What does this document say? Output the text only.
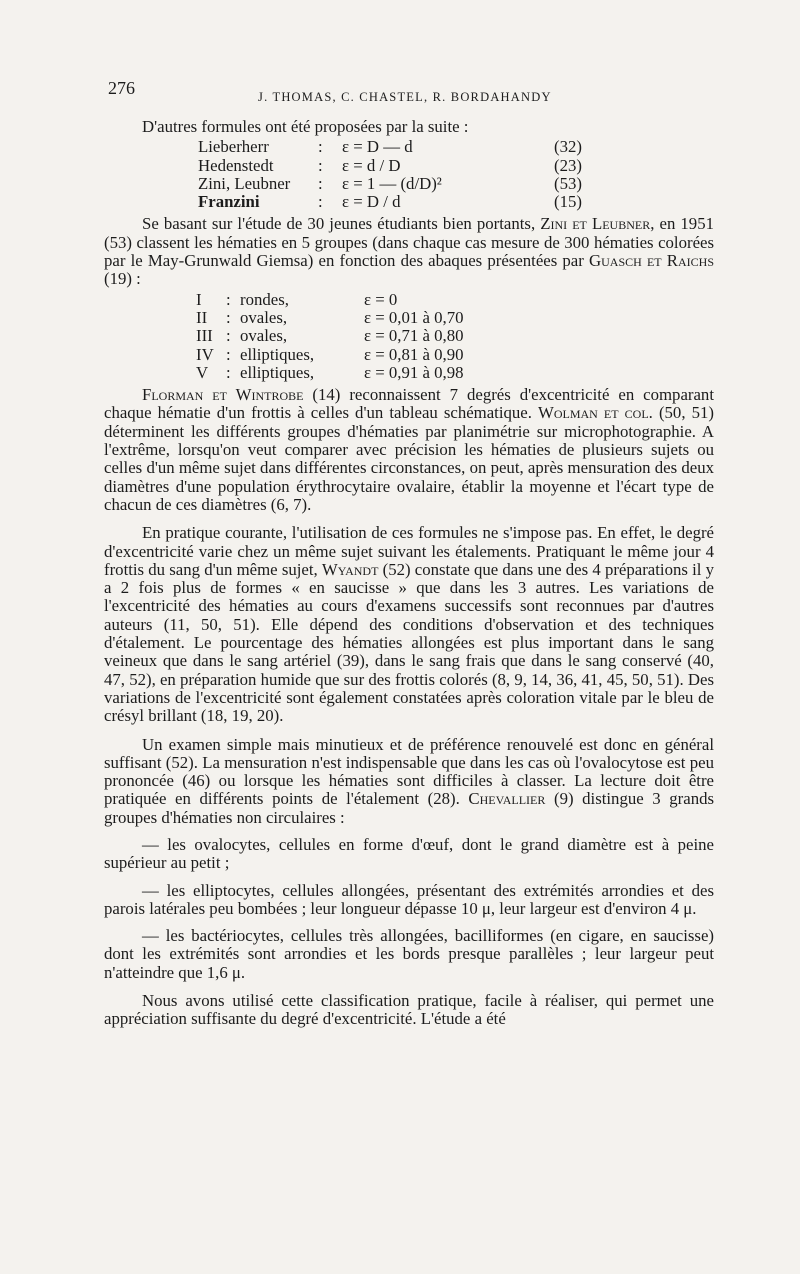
276	J. THOMAS, C. CHASTEL, R. BORDAHANDY

D'autres formules ont été proposées par la suite :

Lieberherr	:	ε = D — d	(32)
Hedenstedt	:	ε = d / D	(23)
Zini, Leubner	:	ε = 1 — (d/D)²	(53)
Franzini	:	ε = D / d	(15)

Se basant sur l'étude de 30 jeunes étudiants bien portants, Zini et Leubner, en 1951 (53) classent les hématies en 5 groupes (dans chaque cas mesure de 300 hématies colorées par le May-Grunwald Giemsa) en fonction des abaques présentées par Guasch et Raichs (19) :

I	:	rondes,	ε = 0
II	:	ovales,	ε = 0,01 à 0,70
III	:	ovales,	ε = 0,71 à 0,80
IV	:	elliptiques,	ε = 0,81 à 0,90
V	:	elliptiques,	ε = 0,91 à 0,98

Florman et Wintrobe (14) reconnaissent 7 degrés d'excentricité en comparant chaque hématie d'un frottis à celles d'un tableau schématique. Wolman et col. (50, 51) déterminent les différents groupes d'hématies par planimétrie sur microphotographie. A l'extrême, lorsqu'on veut comparer avec précision les hématies de plusieurs sujets ou celles d'un même sujet dans différentes circonstances, on peut, après mensuration des deux diamètres d'une population érythrocytaire ovalaire, établir la moyenne et l'écart type de chacun de ces diamètres (6, 7).

En pratique courante, l'utilisation de ces formules ne s'impose pas. En effet, le degré d'excentricité varie chez un même sujet suivant les étalements. Pratiquant le même jour 4 frottis du sang d'un même sujet, Wyandt (52) constate que dans une des 4 préparations il y a 2 fois plus de formes « en saucisse » que dans les 3 autres. Les variations de l'excentricité des hématies au cours d'examens successifs sont reconnues par d'autres auteurs (11, 50, 51). Elle dépend des conditions d'observation et des techniques d'étalement. Le pourcentage des hématies allongées est plus important dans le sang veineux que dans le sang artériel (39), dans le sang frais que dans le sang conservé (40, 47, 52), en préparation humide que sur des frottis colorés (8, 9, 14, 36, 41, 45, 50, 51). Des variations de l'excentricité sont également constatées après coloration vitale par le bleu de crésyl brillant (18, 19, 20).

Un examen simple mais minutieux et de préférence renouvelé est donc en général suffisant (52). La mensuration n'est indispensable que dans les cas où l'ovalocytose est peu prononcée (46) ou lorsque les hématies sont difficiles à classer. La lecture doit être pratiquée en différents points de l'étalement (28). Chevallier (9) distingue 3 grands groupes d'hématies non circulaires :

— les ovalocytes, cellules en forme d'œuf, dont le grand diamètre est à peine supérieur au petit ;

— les elliptocytes, cellules allongées, présentant des extrémités arrondies et des parois latérales peu bombées ; leur longueur dépasse 10 μ, leur largeur est d'environ 4 μ.

— les bactériocytes, cellules très allongées, bacilliformes (en cigare, en saucisse) dont les extrémités sont arrondies et les bords presque parallèles ; leur largeur peut n'atteindre que 1,6 μ.

Nous avons utilisé cette classification pratique, facile à réaliser, qui permet une appréciation suffisante du degré d'excentricité. L'étude a été
